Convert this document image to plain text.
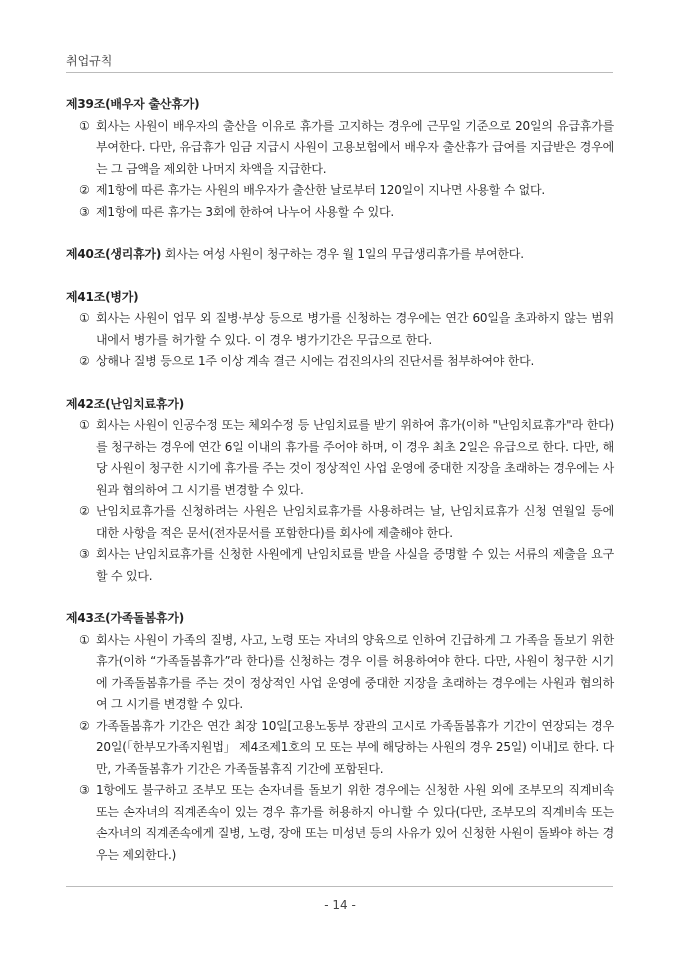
취업규칙
제39조(배우자 출산휴가)
① 회사는 사원이 배우자의 출산을 이유로 휴가를 고지하는 경우에 근무일 기준으로 20일의 유급휴가를 부여한다. 다만, 유급휴가 임금 지급시 사원이 고용보험에서 배우자 출산휴가 급여를 지급받은 경우에는 그 금액을 제외한 나머지 차액을 지급한다.
② 제1항에 따른 휴가는 사원의 배우자가 출산한 날로부터 120일이 지나면 사용할 수 없다.
③ 제1항에 따른 휴가는 3회에 한하여 나누어 사용할 수 있다.
제40조(생리휴가) 회사는 여성 사원이 청구하는 경우 월 1일의 무급생리휴가를 부여한다.
제41조(병가)
① 회사는 사원이 업무 외 질병·부상 등으로 병가를 신청하는 경우에는 연간 60일을 초과하지 않는 범위 내에서 병가를 허가할 수 있다. 이 경우 병가기간은 무급으로 한다.
② 상해나 질병 등으로 1주 이상 계속 결근 시에는 검진의사의 진단서를 첨부하여야 한다.
제42조(난임치료휴가)
① 회사는 사원이 인공수정 또는 체외수정 등 난임치료를 받기 위하여 휴가(이하 "난임치료휴가"라 한다)를 청구하는 경우에 연간 6일 이내의 휴가를 주어야 하며, 이 경우 최초 2일은 유급으로 한다. 다만, 해당 사원이 청구한 시기에 휴가를 주는 것이 정상적인 사업 운영에 중대한 지장을 초래하는 경우에는 사원과 협의하여 그 시기를 변경할 수 있다.
② 난임치료휴가를 신청하려는 사원은 난임치료휴가를 사용하려는 날, 난임치료휴가 신청 연월일 등에 대한 사항을 적은 문서(전자문서를 포함한다)를 회사에 제출해야 한다.
③ 회사는 난임치료휴가를 신청한 사원에게 난임치료를 받을 사실을 증명할 수 있는 서류의 제출을 요구할 수 있다.
제43조(가족돌봄휴가)
① 회사는 사원이 가족의 질병, 사고, 노령 또는 자녀의 양육으로 인하여 긴급하게 그 가족을 돌보기 위한 휴가(이하 “가족돌봄휴가”라 한다)를 신청하는 경우 이를 허용하여야 한다. 다만, 사원이 청구한 시기에 가족돌봄휴가를 주는 것이 정상적인 사업 운영에 중대한 지장을 초래하는 경우에는 사원과 협의하여 그 시기를 변경할 수 있다.
② 가족돌봄휴가 기간은 연간 최장 10일[고용노동부 장관의 고시로 가족돌봄휴가 기간이 연장되는 경우 20일(「한부모가족지원법」 제4조제1호의 모 또는 부에 해당하는 사원의 경우 25일) 이내]로 한다. 다만, 가족돌봄휴가 기간은 가족돌봄휴직 기간에 포함된다.
③ 1항에도 불구하고 조부모 또는 손자녀를 돌보기 위한 경우에는 신청한 사원 외에 조부모의 직계비속 또는 손자녀의 직계존속이 있는 경우 휴가를 허용하지 아니할 수 있다(다만, 조부모의 직계비속 또는 손자녀의 직계존속에게 질병, 노령, 장애 또는 미성년 등의 사유가 있어 신청한 사원이 돌봐야 하는 경우는 제외한다.)
- 14 -
